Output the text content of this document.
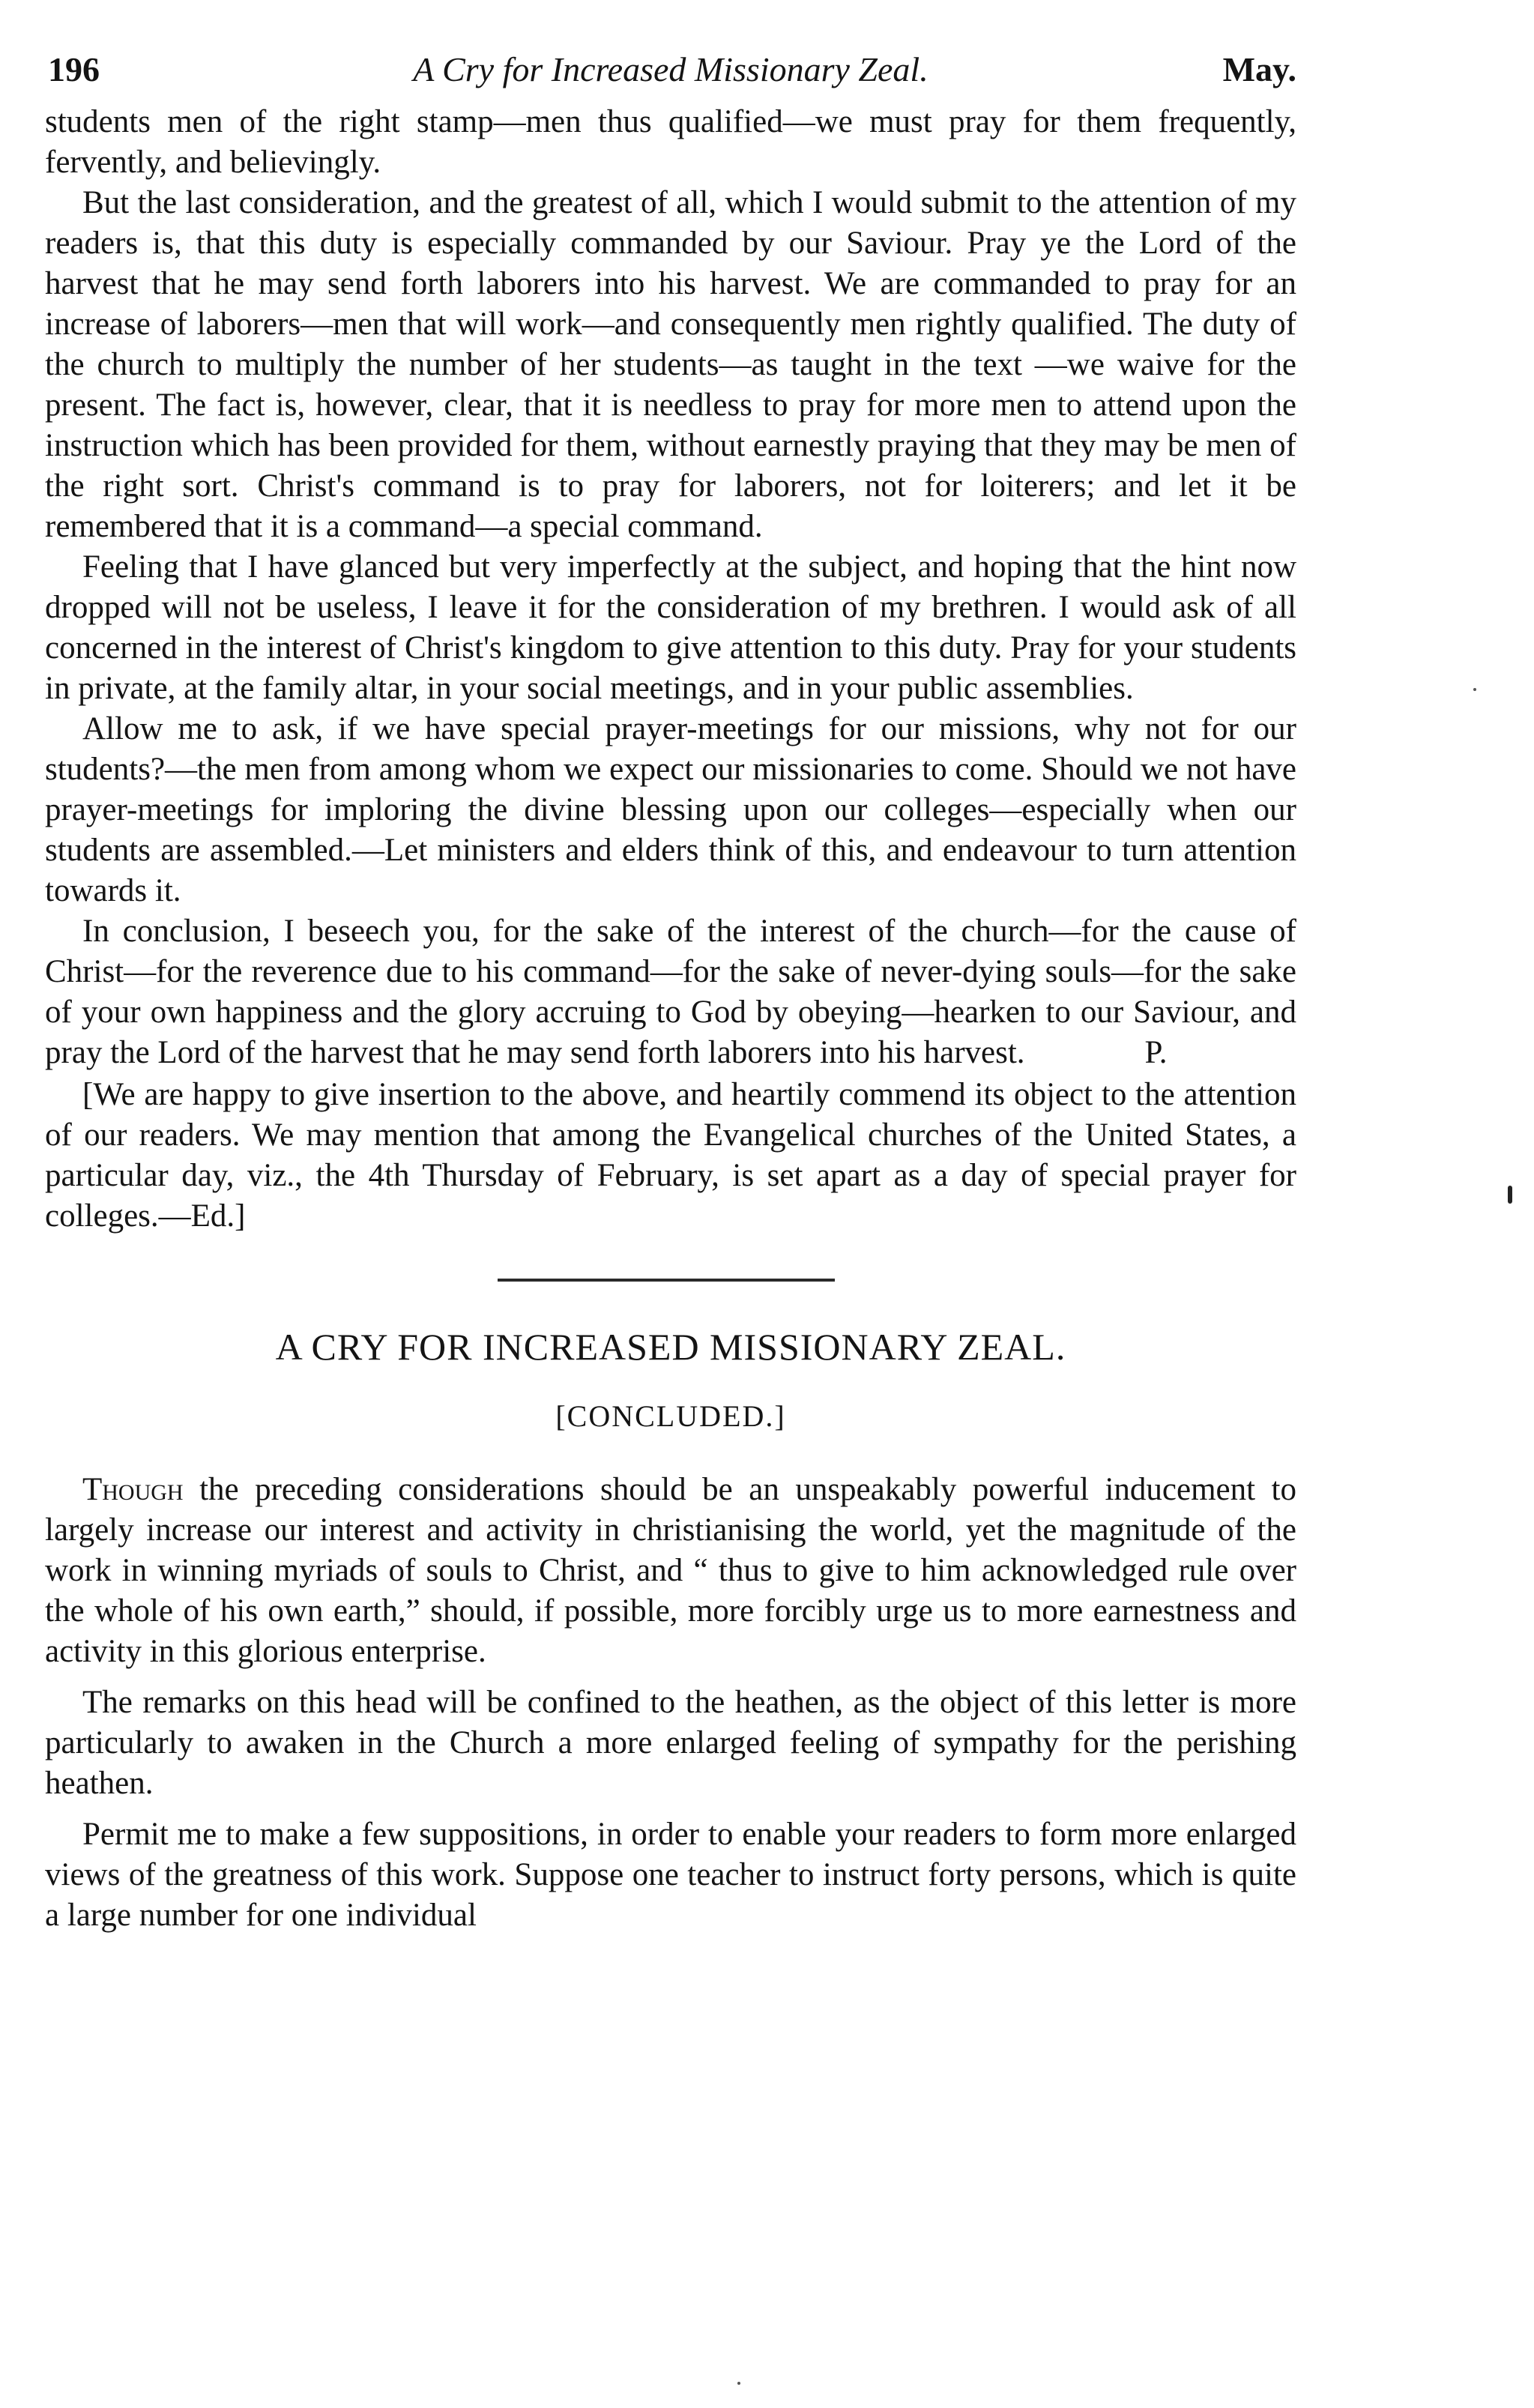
196	A Cry for Increased Missionary Zeal.	May.

students men of the right stamp—men thus qualified—we must pray for them frequently, fervently, and believingly.

But the last consideration, and the greatest of all, which I would submit to the attention of my readers is, that this duty is especially commanded by our Saviour. Pray ye the Lord of the harvest that he may send forth laborers into his harvest. We are commanded to pray for an increase of laborers—men that will work—and consequently men rightly qualified. The duty of the church to multiply the number of her students—as taught in the text —we waive for the present. The fact is, however, clear, that it is needless to pray for more men to attend upon the instruction which has been provided for them, without earnestly praying that they may be men of the right sort. Christ's command is to pray for laborers, not for loiterers; and let it be remembered that it is a command—a special command.

Feeling that I have glanced but very imperfectly at the subject, and hoping that the hint now dropped will not be useless, I leave it for the consideration of my brethren. I would ask of all concerned in the interest of Christ's kingdom to give attention to this duty. Pray for your students in private, at the family altar, in your social meetings, and in your public assemblies.

Allow me to ask, if we have special prayer-meetings for our missions, why not for our students?—the men from among whom we expect our missionaries to come. Should we not have prayer-meetings for imploring the divine blessing upon our colleges—especially when our students are assembled.—Let ministers and elders think of this, and endeavour to turn attention towards it.

In conclusion, I beseech you, for the sake of the interest of the church—for the cause of Christ—for the reverence due to his command—for the sake of never-dying souls—for the sake of your own happiness and the glory accruing to God by obeying—hearken to our Saviour, and pray the Lord of the harvest that he may send forth laborers into his harvest.	P.

[We are happy to give insertion to the above, and heartily commend its object to the attention of our readers. We may mention that among the Evangelical churches of the United States, a particular day, viz., the 4th Thursday of February, is set apart as a day of special prayer for colleges.—Ed.]

A CRY FOR INCREASED MISSIONARY ZEAL.
[CONCLUDED.]

Though the preceding considerations should be an unspeakably powerful inducement to largely increase our interest and activity in christianising the world, yet the magnitude of the work in winning myriads of souls to Christ, and “ thus to give to him acknowledged rule over the whole of his own earth,” should, if possible, more forcibly urge us to more earnestness and activity in this glorious enterprise.

The remarks on this head will be confined to the heathen, as the object of this letter is more particularly to awaken in the Church a more enlarged feeling of sympathy for the perishing heathen.

Permit me to make a few suppositions, in order to enable your readers to form more enlarged views of the greatness of this work. Suppose one teacher to instruct forty persons, which is quite a large number for one individual
